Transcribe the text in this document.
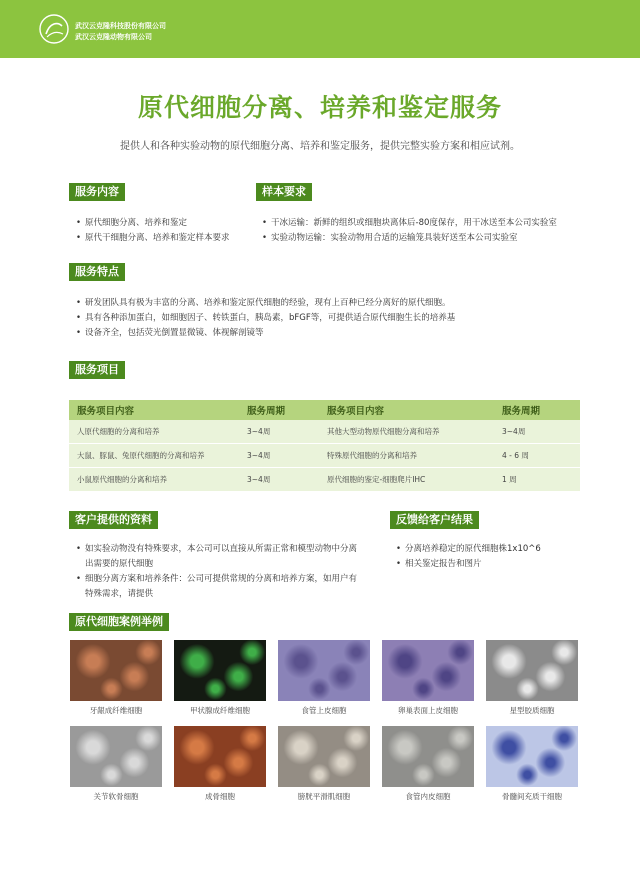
武汉云克隆科技股份有限公司
武汉云克隆动物有限公司
原代细胞分离、培养和鉴定服务
提供人和各种实验动物的原代细胞分离、培养和鉴定服务，提供完整实验方案和相应试剂。
服务内容
• 原代细胞分离、培养和鉴定
• 原代干细胞分离、培养和鉴定样本要求
样本要求
• 干冰运输：新鲜的组织或细胞块离体后-80度保存，用干冰送至本公司实验室
• 实验动物运输：实验动物用合适的运输笼具装好送至本公司实验室
服务特点
• 研发团队具有极为丰富的分离、培养和鉴定原代细胞的经验，现有上百种已经分离好的原代细胞。
• 具有各种添加蛋白，如细胞因子、转铁蛋白，胰岛素，bFGF等，可提供适合原代细胞生长的培养基
• 设备齐全，包括荧光倒置显微镜、体视解剖镜等
服务项目
服务项目内容	服务周期	服务项目内容	服务周期
人原代细胞的分离和培养	3~4周	其他大型动物原代细胞分离和培养	3~4周
大鼠、豚鼠、兔原代细胞的分离和培养	3~4周	特殊原代细胞的分离和培养	4 - 6 周
小鼠原代细胞的分离和培养	3~4周	原代细胞的鉴定-细胞爬片IHC	1 周
客户提供的资料
• 如实验动物没有特殊要求，本公司可以直接从所需正常和模型动物中分离出需要的原代细胞
• 细胞分离方案和培养条件：公司可提供常规的分离和培养方案，如用户有特殊需求，请提供
反馈给客户结果
• 分离培养稳定的原代细胞株1x10^6
• 相关鉴定报告和图片
原代细胞案例举例
牙龈成纤维细胞	甲状腺成纤维细胞	食管上皮细胞	卵巢表面上皮细胞	星型胶质细胞
关节软骨细胞	成骨细胞	膀胱平滑肌细胞	食管内皮细胞	骨髓间充质干细胞
